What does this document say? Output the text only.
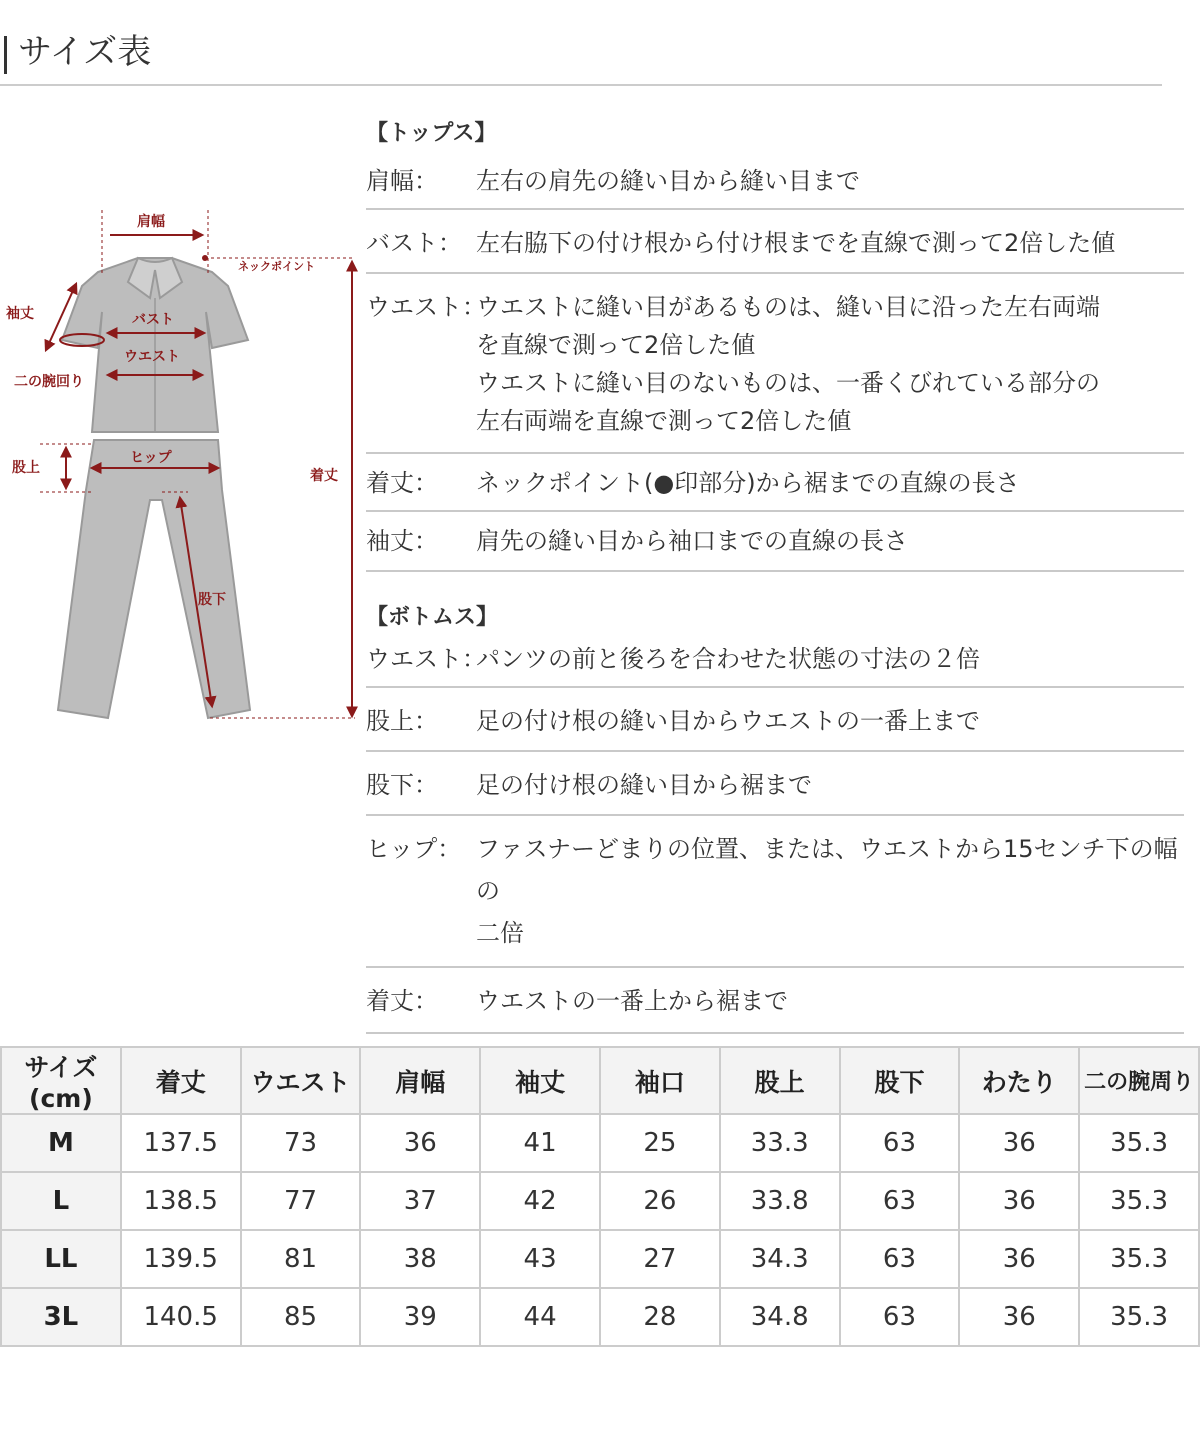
サイズ表
肩幅
ネックポイント
袖丈
二の腕回り
バスト
ウエスト
着丈
股上
ヒップ
股下
【トップス】
肩幅： 左右の肩先の縫い目から縫い目まで
バスト： 左右脇下の付け根から付け根までを直線で測って2倍した値
ウエスト：
ウエストに縫い目があるものは、縫い目に沿った左右両端
を直線で測って2倍した値
ウエストに縫い目のないものは、一番くびれている部分の
左右両端を直線で測って2倍した値
着丈： ネックポイント(●印部分)から裾までの直線の長さ
袖丈： 肩先の縫い目から袖口までの直線の長さ
【ボトムス】
ウエスト：
パンツの前と後ろを合わせた状態の寸法の２倍
股上： 足の付け根の縫い目からウエストの一番上まで
股下： 足の付け根の縫い目から裾まで
ヒップ： ファスナーどまりの位置、または、ウエストから15センチ下の幅の
二倍
着丈： ウエストの一番上から裾まで
サイズ(cm)	着丈	ウエスト	肩幅	袖丈	袖口	股上	股下	わたり	二の腕周り
M	137.5	73	36	41	25	33.3	63	36	35.3
L	138.5	77	37	42	26	33.8	63	36	35.3
LL	139.5	81	38	43	27	34.3	63	36	35.3
3L	140.5	85	39	44	28	34.8	63	36	35.3
